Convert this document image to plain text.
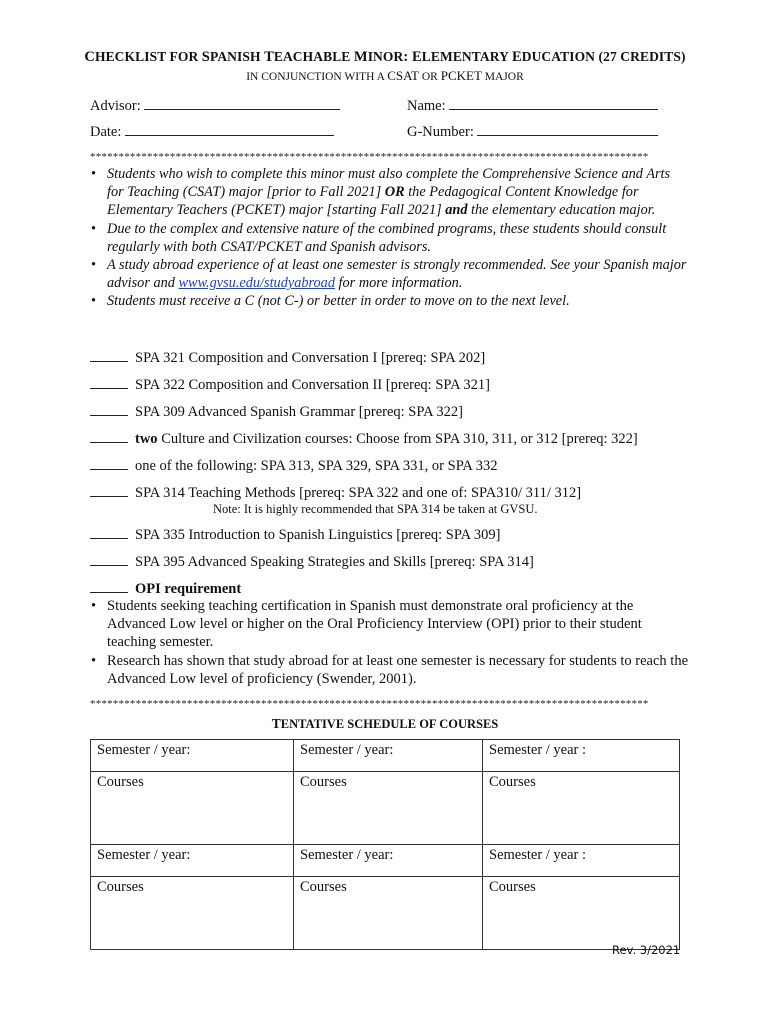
CHECKLIST FOR SPANISH TEACHABLE MINOR: ELEMENTARY EDUCATION (27 CREDITS)
IN CONJUNCTION WITH A CSAT OR PCKET MAJOR
Advisor:	Name:
Date:	G-Number:
**************************************************************************************************
• Students who wish to complete this minor must also complete the Comprehensive Science and Arts for Teaching (CSAT) major [prior to Fall 2021] OR the Pedagogical Content Knowledge for Elementary Teachers (PCKET) major [starting Fall 2021] and the elementary education major.
• Due to the complex and extensive nature of the combined programs, these students should consult regularly with both CSAT/PCKET and Spanish advisors.
• A study abroad experience of at least one semester is strongly recommended. See your Spanish major advisor and www.gvsu.edu/studyabroad for more information.
• Students must receive a C (not C-) or better in order to move on to the next level.
SPA 321 Composition and Conversation I [prereq: SPA 202]
SPA 322 Composition and Conversation II [prereq: SPA 321]
SPA 309 Advanced Spanish Grammar [prereq: SPA 322]
two Culture and Civilization courses: Choose from SPA 310, 311, or 312 [prereq: 322]
one of the following: SPA 313, SPA 329, SPA 331, or SPA 332
SPA 314 Teaching Methods [prereq: SPA 322 and one of: SPA310/ 311/ 312]
Note: It is highly recommended that SPA 314 be taken at GVSU.
SPA 335 Introduction to Spanish Linguistics [prereq: SPA 309]
SPA 395 Advanced Speaking Strategies and Skills [prereq: SPA 314]
OPI requirement
• Students seeking teaching certification in Spanish must demonstrate oral proficiency at the Advanced Low level or higher on the Oral Proficiency Interview (OPI) prior to their student teaching semester.
• Research has shown that study abroad for at least one semester is necessary for students to reach the Advanced Low level of proficiency (Swender, 2001).
**************************************************************************************************
TENTATIVE SCHEDULE OF COURSES
Semester / year:	Semester / year:	Semester / year :
Courses	Courses	Courses
Semester / year:	Semester / year:	Semester / year :
Courses	Courses	Courses
Rev. 3/2021
